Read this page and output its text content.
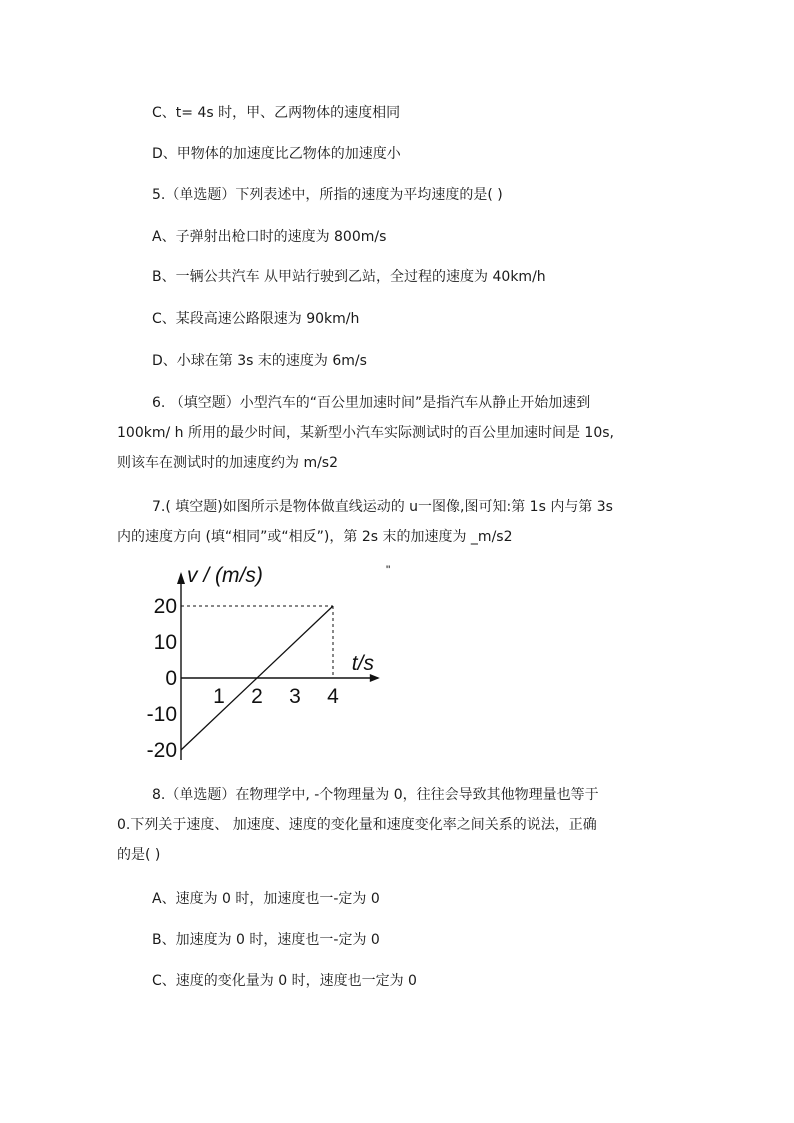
C、t= 4s 时，甲、乙两物体的速度相同
D、甲物体的加速度比乙物体的加速度小
5.（单选题）下列表述中，所指的速度为平均速度的是( )
A、子弹射出枪口时的速度为 800m/s
B、一辆公共汽车 从甲站行驶到乙站，全过程的速度为 40km/h
C、某段高速公路限速为 90km/h
D、小球在第 3s 末的速度为 6m/s
6. （填空题）小型汽车的“百公里加速时间”是指汽车从静止开始加速到
100km/ h 所用的最少时间，某新型小汽车实际测试时的百公里加速时间是 10s,
则该车在测试时的加速度约为 m/s2
7.( 填空题)如图所示是物体做直线运动的 u一图像,图可知:第 1s 内与第 3s
内的速度方向 (填“相同”或“相反”)，第 2s 末的加速度为 _m/s2
8.（单选题）在物理学中, -个物理量为 0，往往会导致其他物理量也等于
0.下列关于速度、 加速度、速度的变化量和速度变化率之间关系的说法，正确
的是( )
A、速度为 0 时，加速度也一-定为 0
B、加速度为 0 时，速度也一-定为 0
C、速度的变化量为 0 时，速度也一定为 0
20
10
0
-10
-20
1 2 3 4
v / (m/s)
t/s
"
